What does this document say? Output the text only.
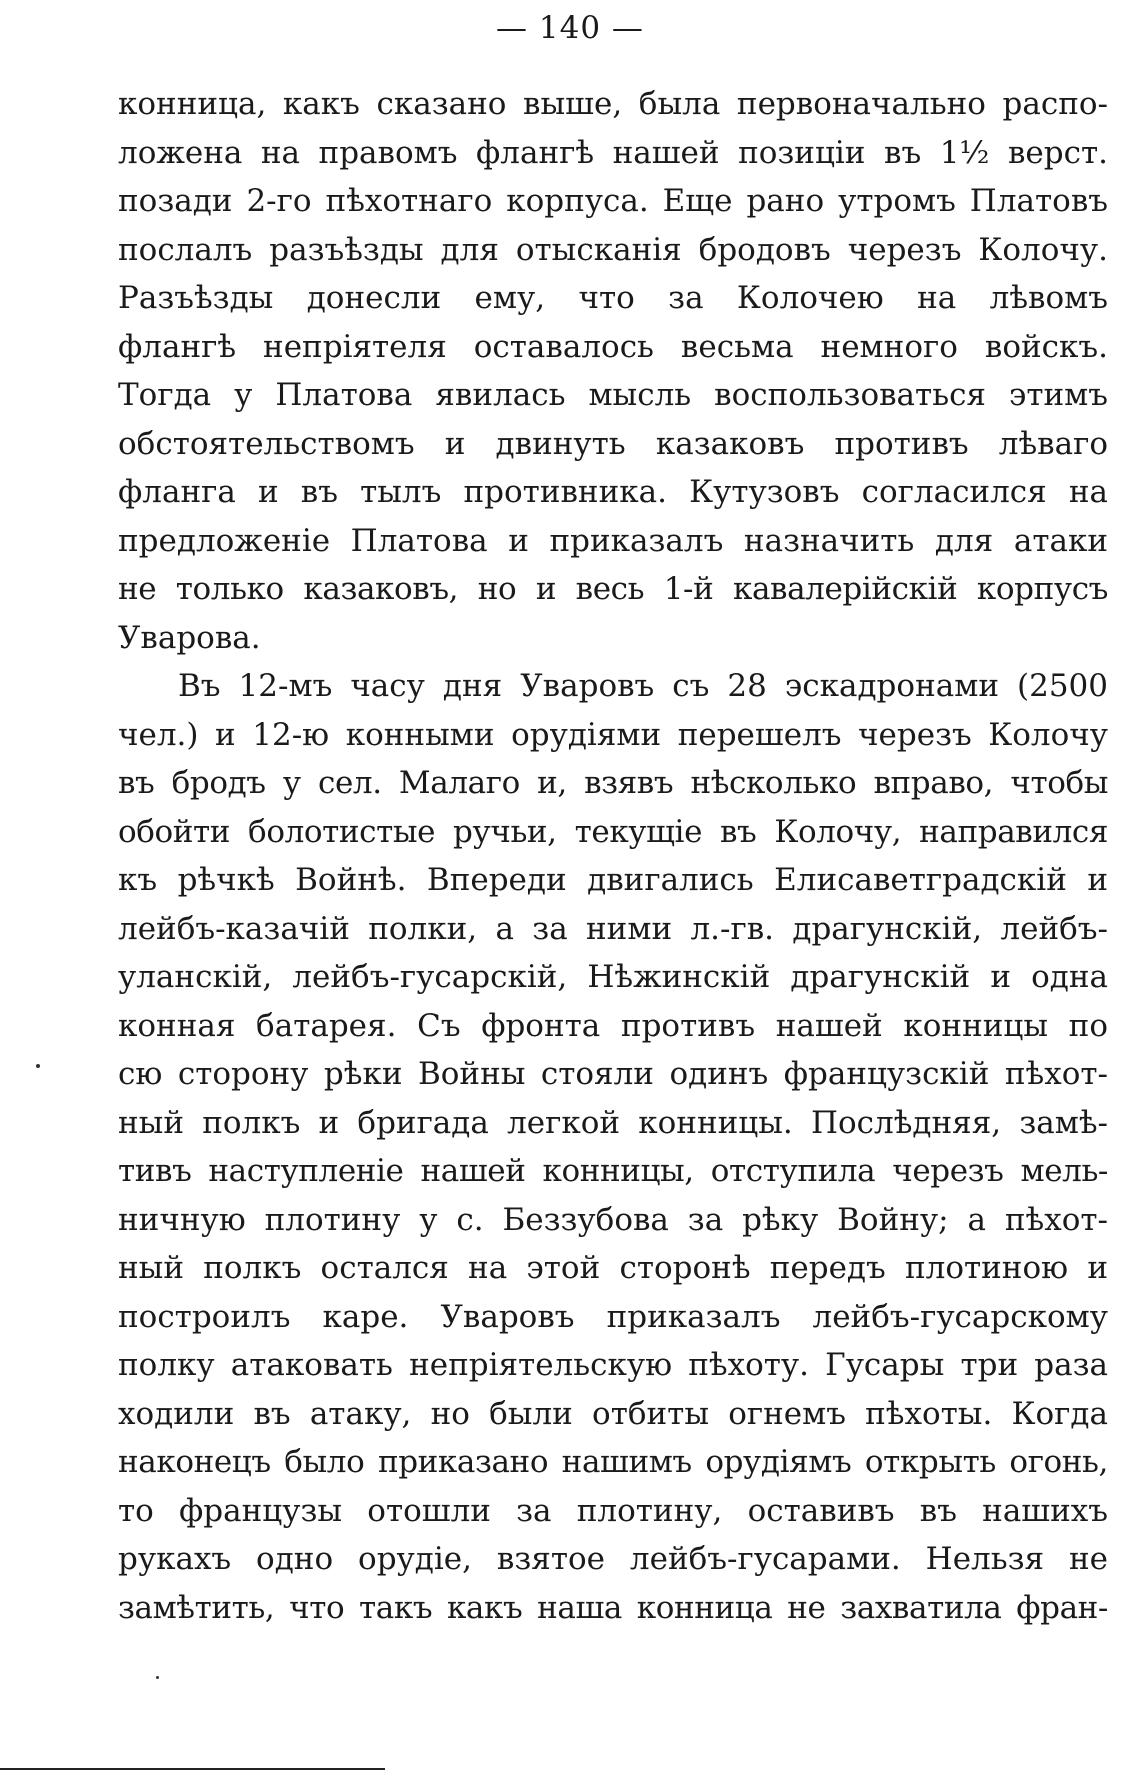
— 140 —
конница, какъ сказано выше, была первоначально распо-
ложена на правомъ флангѣ нашей позиціи въ 1½ верст.
позади 2-го пѣхотнаго корпуса. Еще рано утромъ Платовъ
послалъ разъѣзды для отысканія бродовъ черезъ Колочу.
Разъѣзды донесли ему, что за Колочею на лѣвомъ
флангѣ непріятеля оставалось весьма немного войскъ.
Тогда у Платова явилась мысль воспользоваться этимъ
обстоятельствомъ и двинуть казаковъ противъ лѣваго
фланга и въ тылъ противника. Кутузовъ согласился на
предложеніе Платова и приказалъ назначить для атаки
не только казаковъ, но и весь 1-й кавалерійскій корпусъ
Уварова.
Въ 12-мъ часу дня Уваровъ съ 28 эскадронами (2500
чел.) и 12-ю конными орудіями перешелъ черезъ Колочу
въ бродъ у сел. Малаго и, взявъ нѣсколько вправо, чтобы
обойти болотистые ручьи, текущіе въ Колочу, направился
къ рѣчкѣ Войнѣ. Впереди двигались Елисаветградскій и
лейбъ-казачій полки, а за ними л.-гв. драгунскій, лейбъ-
уланскій, лейбъ-гусарскій, Нѣжинскій драгунскій и одна
конная батарея. Съ фронта противъ нашей конницы по
сю сторону рѣки Войны стояли одинъ французскій пѣхот-
ный полкъ и бригада легкой конницы. Послѣдняя, замѣ-
тивъ наступленіе нашей конницы, отступила черезъ мель-
ничную плотину у с. Беззубова за рѣку Войну; а пѣхот-
ный полкъ остался на этой сторонѣ передъ плотиною и
построилъ каре. Уваровъ приказалъ лейбъ-гусарскому
полку атаковать непріятельскую пѣхоту. Гусары три раза
ходили въ атаку, но были отбиты огнемъ пѣхоты. Когда
наконецъ было приказано нашимъ орудіямъ открыть огонь,
то французы отошли за плотину, оставивъ въ нашихъ
рукахъ одно орудіе, взятое лейбъ-гусарами. Нельзя не
замѣтить, что такъ какъ наша конница не захватила фран-
